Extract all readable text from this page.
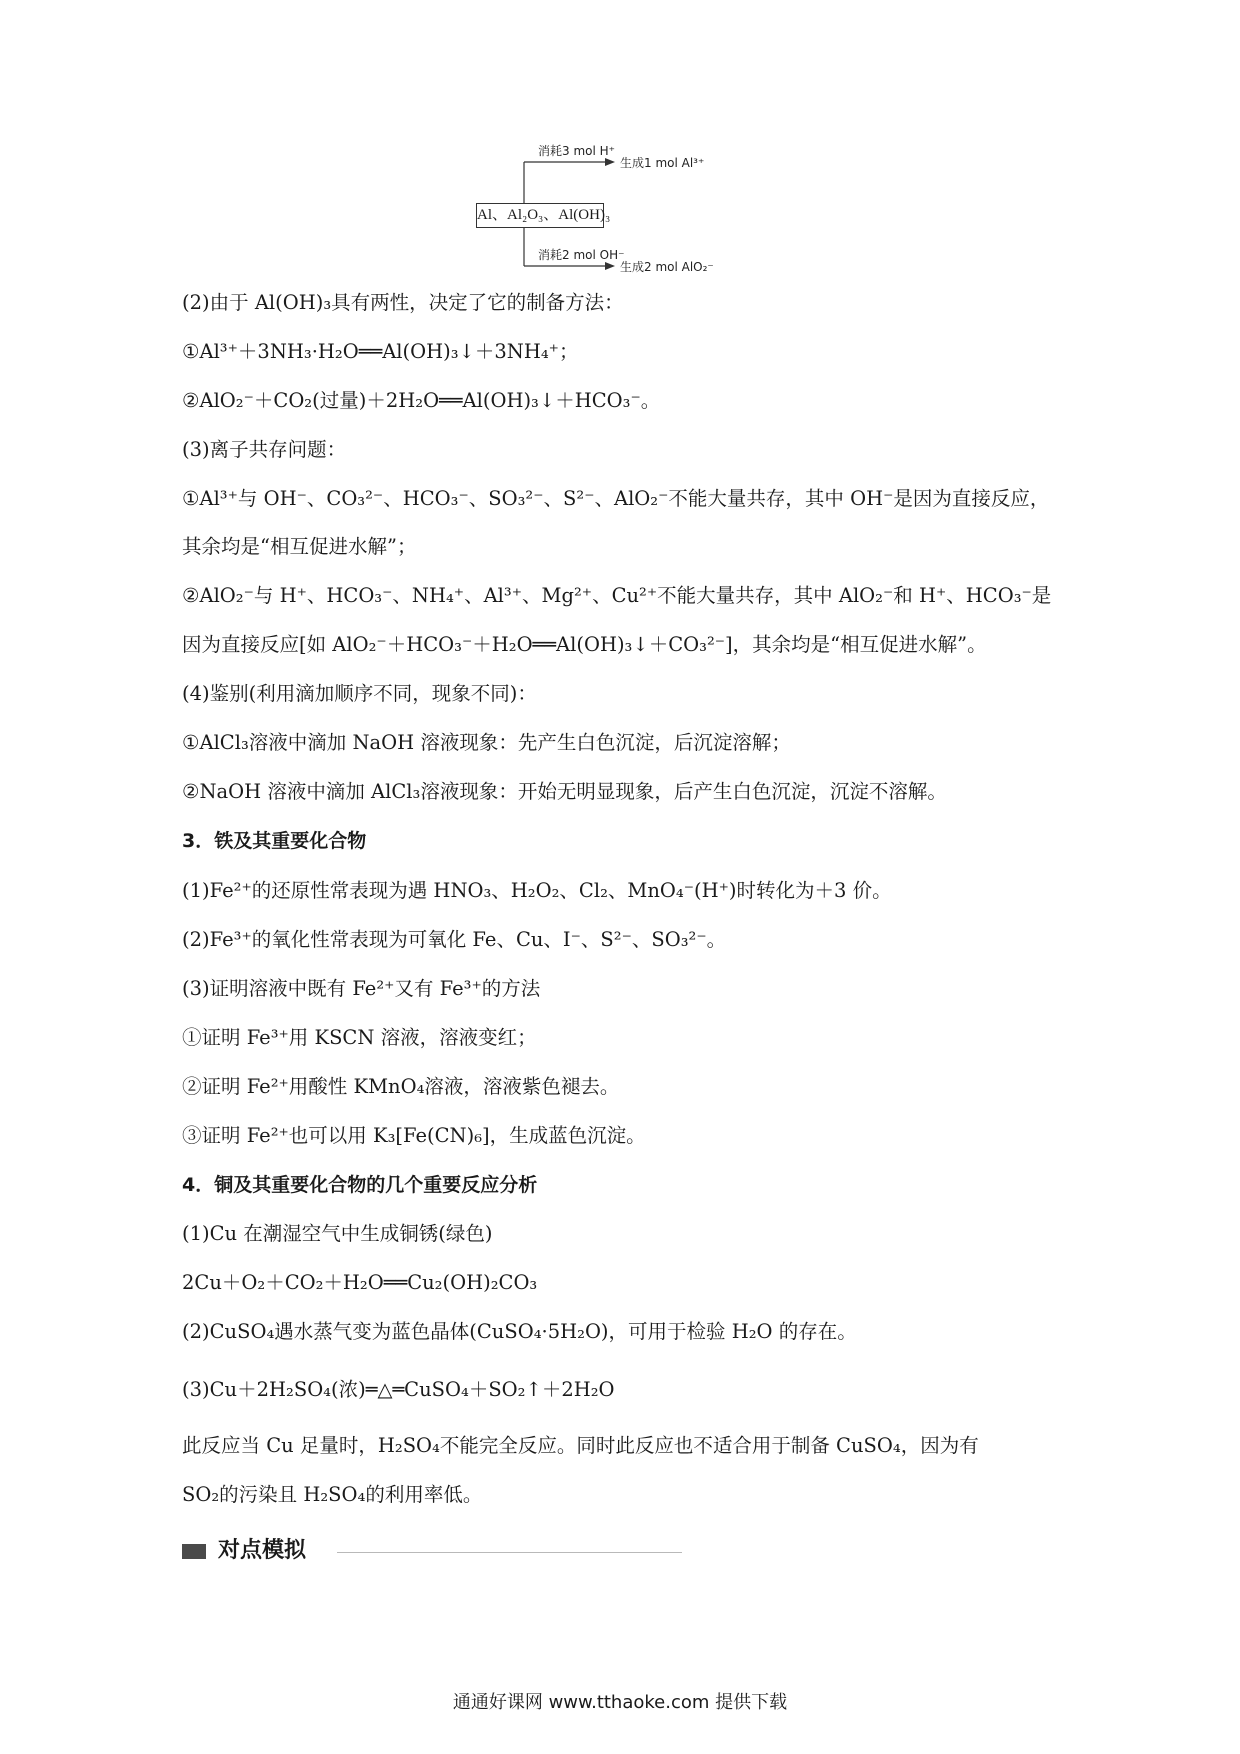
Al、Al₂O₃、Al(OH)₃
消耗3 mol H⁺
生成1 mol Al³⁺
消耗2 mol OH⁻
生成2 mol AlO₂⁻
(2)由于 Al(OH)₃具有两性，决定了它的制备方法：
①Al³⁺＋3NH₃·H₂O══Al(OH)₃↓＋3NH₄⁺；
②AlO₂⁻＋CO₂(过量)＋2H₂O══Al(OH)₃↓＋HCO₃⁻。
(3)离子共存问题：
①Al³⁺与 OH⁻、CO₃²⁻、HCO₃⁻、SO₃²⁻、S²⁻、AlO₂⁻不能大量共存，其中 OH⁻是因为直接反应，
其余均是“相互促进水解”；
②AlO₂⁻与 H⁺、HCO₃⁻、NH₄⁺、Al³⁺、Mg²⁺、Cu²⁺不能大量共存，其中 AlO₂⁻和 H⁺、HCO₃⁻是
因为直接反应[如 AlO₂⁻＋HCO₃⁻＋H₂O══Al(OH)₃↓＋CO₃²⁻]，其余均是“相互促进水解”。
(4)鉴别(利用滴加顺序不同，现象不同)：
①AlCl₃溶液中滴加 NaOH 溶液现象：先产生白色沉淀，后沉淀溶解；
②NaOH 溶液中滴加 AlCl₃溶液现象：开始无明显现象，后产生白色沉淀，沉淀不溶解。
3．铁及其重要化合物
(1)Fe²⁺的还原性常表现为遇 HNO₃、H₂O₂、Cl₂、MnO₄⁻(H⁺)时转化为＋3 价。
(2)Fe³⁺的氧化性常表现为可氧化 Fe、Cu、I⁻、S²⁻、SO₃²⁻。
(3)证明溶液中既有 Fe²⁺又有 Fe³⁺的方法
①证明 Fe³⁺用 KSCN 溶液，溶液变红；
②证明 Fe²⁺用酸性 KMnO₄溶液，溶液紫色褪去。
③证明 Fe²⁺也可以用 K₃[Fe(CN)₆]，生成蓝色沉淀。
4．铜及其重要化合物的几个重要反应分析
(1)Cu 在潮湿空气中生成铜锈(绿色)
2Cu＋O₂＋CO₂＋H₂O══Cu₂(OH)₂CO₃
(2)CuSO₄遇水蒸气变为蓝色晶体(CuSO₄·5H₂O)，可用于检验 H₂O 的存在。
(3)Cu＋2H₂SO₄(浓)═△═CuSO₄＋SO₂↑＋2H₂O
此反应当 Cu 足量时，H₂SO₄不能完全反应。同时此反应也不适合用于制备 CuSO₄，因为有
SO₂的污染且 H₂SO₄的利用率低。
对点模拟
通通好课网 www.tthaoke.com 提供下载
